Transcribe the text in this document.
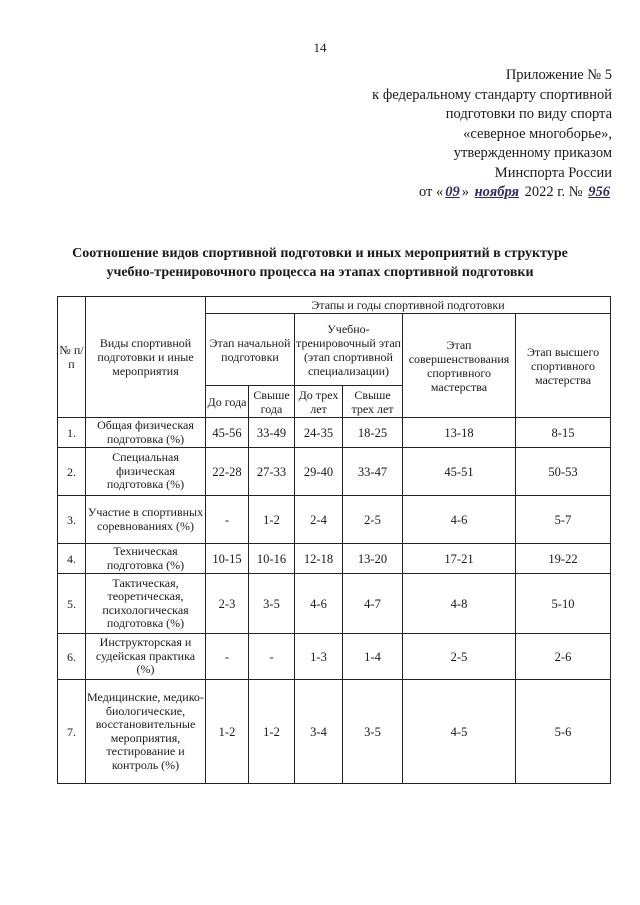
14
Приложение № 5
к федеральному стандарту спортивной
подготовки по виду спорта
«северное многоборье»,
утвержденному приказом
Минспорта России
от « 09 » ноября 2022 г. № 956
Соотношение видов спортивной подготовки и иных мероприятий в структуре
учебно-тренировочного процесса на этапах спортивной подготовки
№ п/п	Виды спортивной подготовки и иные мероприятия	Этапы и годы спортивной подготовки					
		Этап начальной подготовки		Учебно-тренировочный этап (этап спортивной специализации)		Этап совершенствования спортивного мастерства	Этап высшего спортивного мастерства
		До года	Свыше года	До трех лет	Свыше трех лет		
1.	Общая физическая подготовка (%)	45-56	33-49	24-35	18-25	13-18	8-15
2.	Специальная физическая подготовка (%)	22-28	27-33	29-40	33-47	45-51	50-53
3.	Участие в спортивных соревнованиях (%)	-	1-2	2-4	2-5	4-6	5-7
4.	Техническая подготовка (%)	10-15	10-16	12-18	13-20	17-21	19-22
5.	Тактическая, теоретическая, психологическая подготовка (%)	2-3	3-5	4-6	4-7	4-8	5-10
6.	Инструкторская и судейская практика (%)	-	-	1-3	1-4	2-5	2-6
7.	Медицинские, медико-биологические, восстановительные мероприятия, тестирование и контроль (%)	1-2	1-2	3-4	3-5	4-5	5-6
